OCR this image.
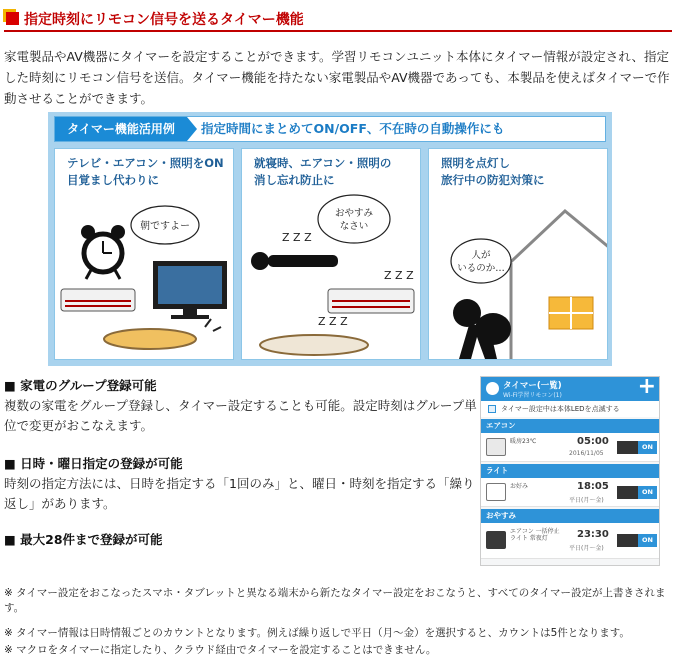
指定時刻にリモコン信号を送るタイマー機能

家電製品やAV機器にタイマーを設定することができます。学習リモコンユニット本体にタイマー情報が設定され、指定した時刻にリモコン信号を送信。タイマー機能を持たない家電製品やAV機器であっても、本製品を使えばタイマーで作動させることができます。

タイマー機能活用例	指定時間にまとめてON/OFF、不在時の自動操作にも
テレビ・エアコン・照明をON
目覚まし代わりに
朝ですよー
就寝時、エアコン・照明の
消し忘れ防止に
おやすみ
なさい
Z Z Z
Z Z Z
Z Z Z
照明を点灯し
旅行中の防犯対策に
人が
いるのか…
■ 家電のグループ登録可能

複数の家電をグループ登録し、タイマー設定することも可能。設定時刻はグループ単位で変更がおこなえます。

■ 日時・曜日指定の登録が可能

時刻の指定方法には、日時を指定する「1回のみ」と、曜日・時刻を指定する「繰り返し」があります。

■ 最大28件まで登録が可能
タイマー(一覧)
Wi-Fi学習リモコン(1)	+
タイマー設定中は本体LEDを点滅する
エアコン
暖房23℃	05:00
2016/11/05
ON
ライト
お好み	18:05
平日(月〜金)
ON
おやすみ
エアコン 一括停止 ライト 常夜灯	23:30
平日(月〜金)
ON

※ タイマー設定をおこなったスマホ・タブレットと異なる端末から新たなタイマー設定をおこなうと、すべてのタイマー設定が上書きされます。

※ タイマー情報は日時情報ごとのカウントとなります。例えば繰り返しで平日（月〜金）を選択すると、カウントは5件となります。

※ マクロをタイマーに指定したり、クラウド経由でタイマーを設定することはできません。
